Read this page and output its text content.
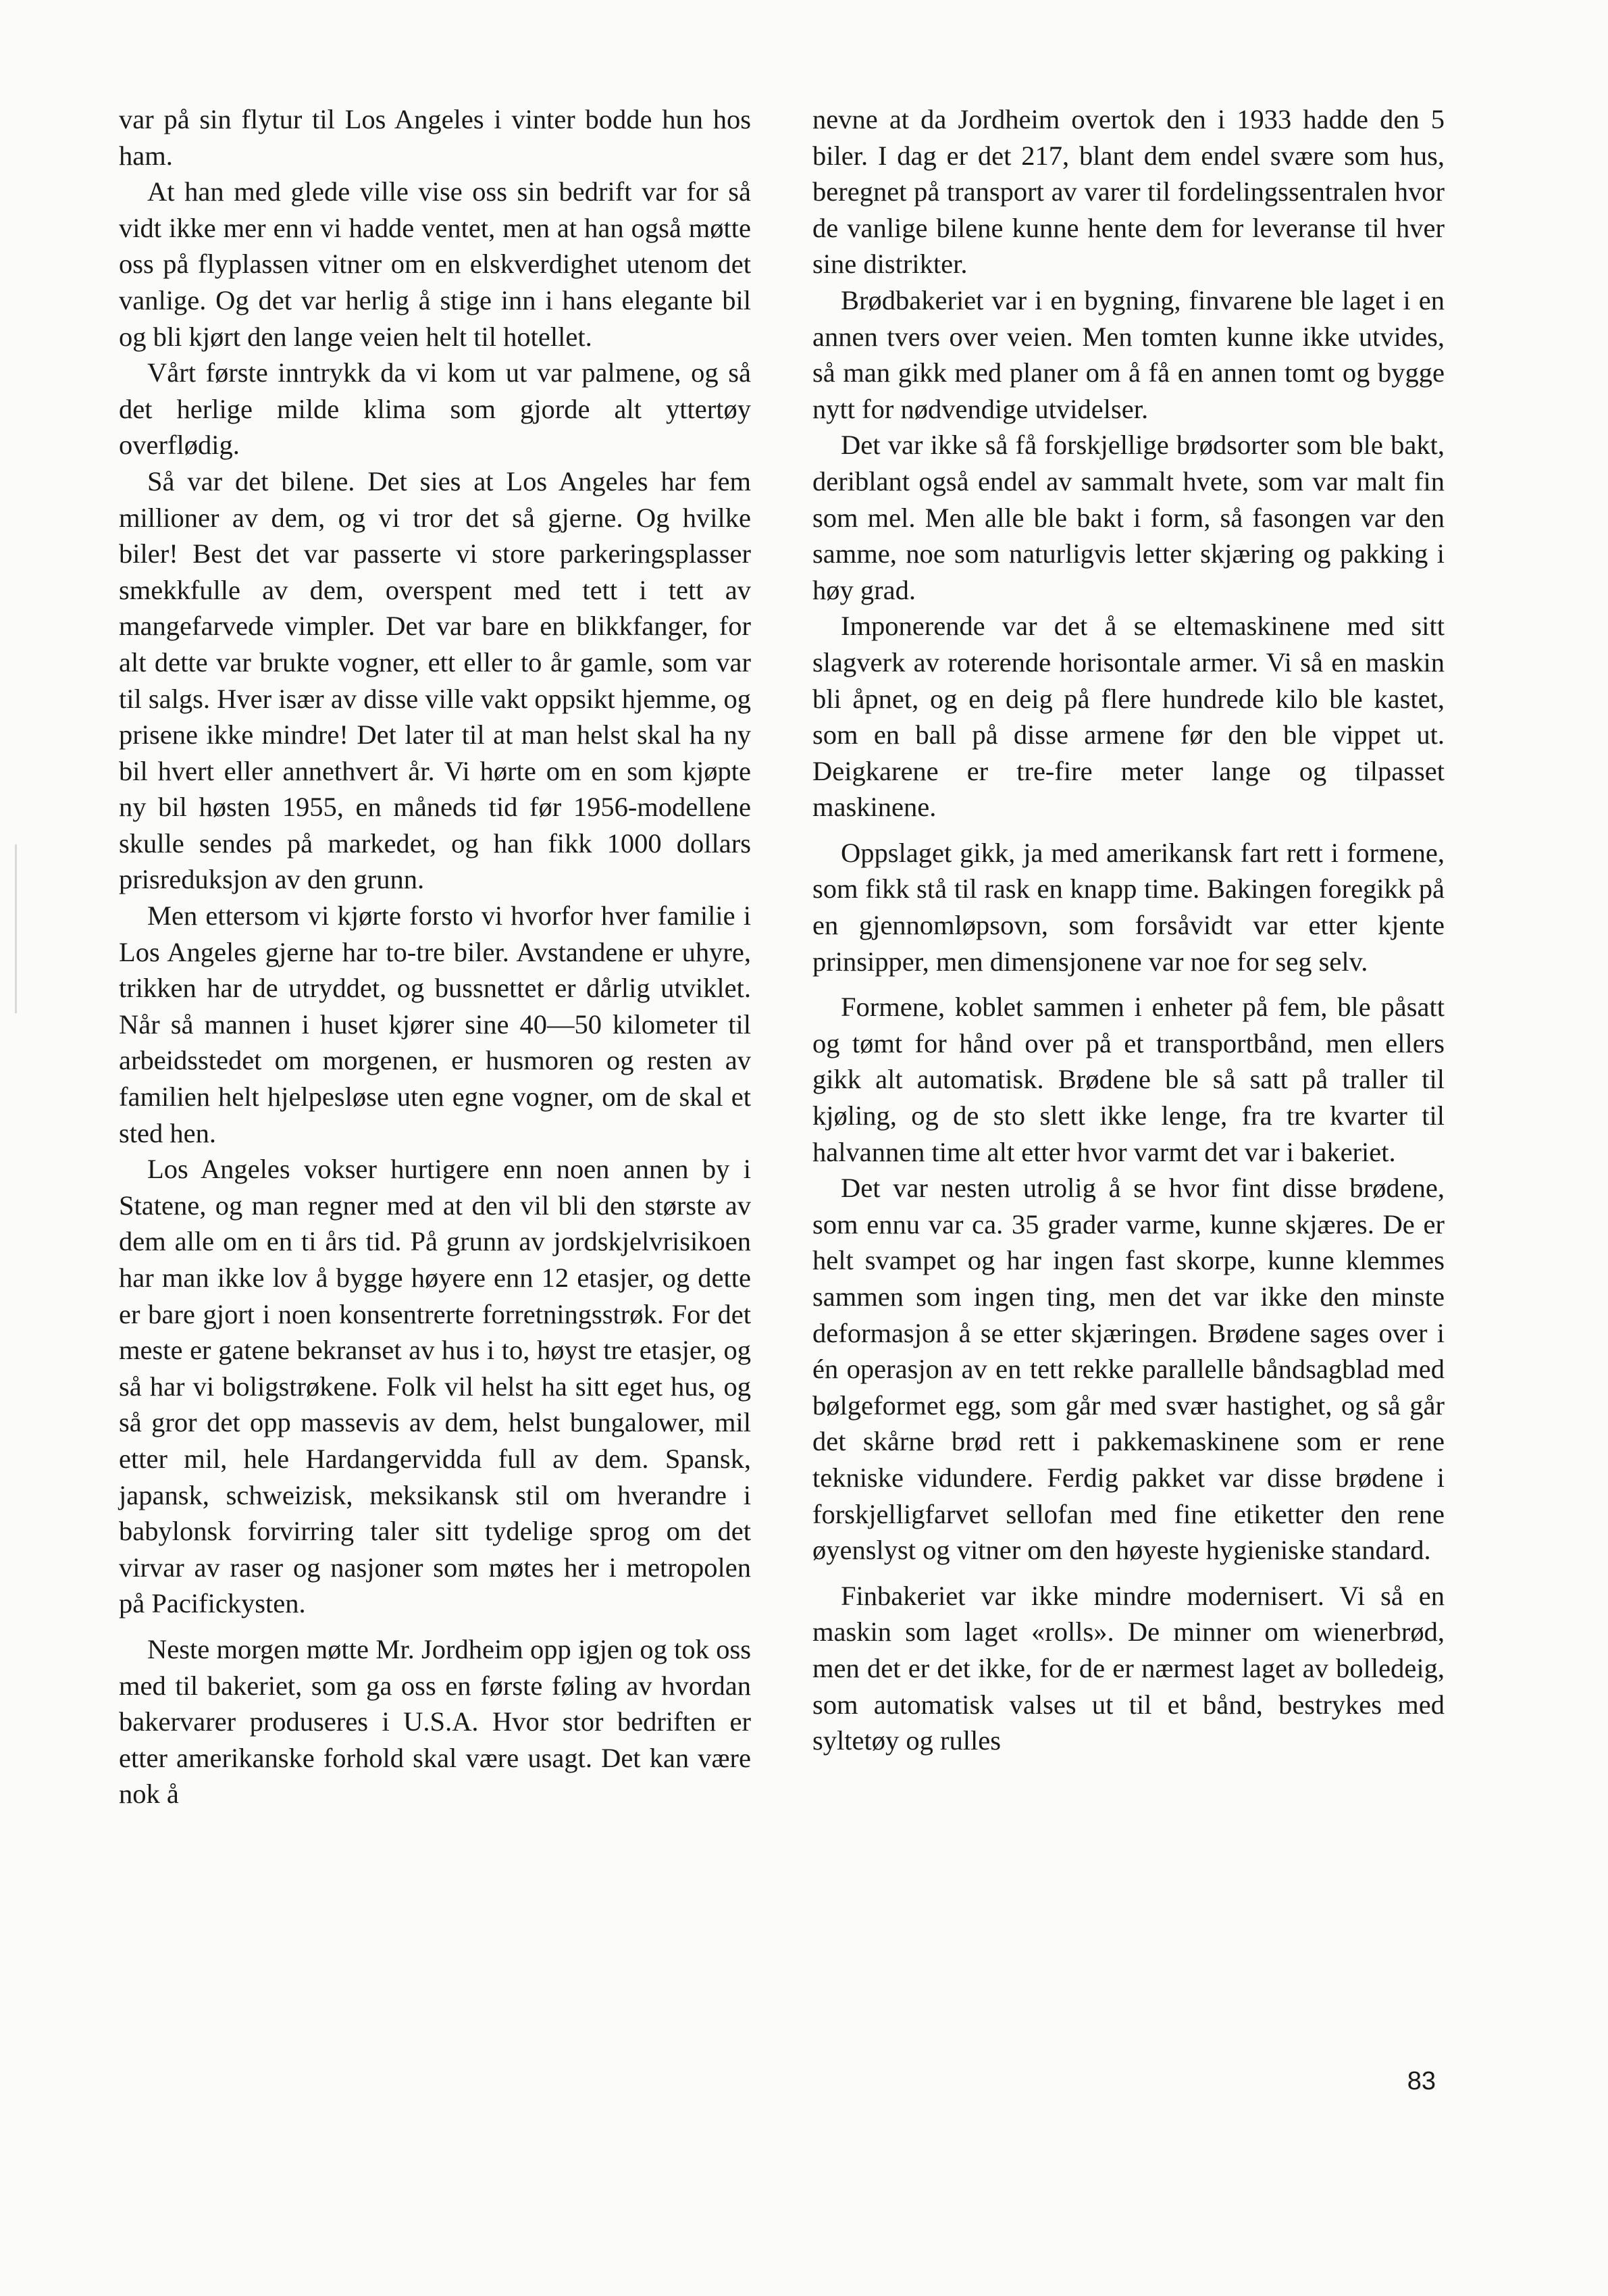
var på sin flytur til Los Angeles i vinter bodde hun hos ham.

At han med glede ville vise oss sin bedrift var for så vidt ikke mer enn vi hadde ventet, men at han også møtte oss på flyplassen vitner om en elskverdighet utenom det vanlige. Og det var herlig å stige inn i hans elegante bil og bli kjørt den lange veien helt til hotellet.

Vårt første inntrykk da vi kom ut var palmene, og så det herlige milde klima som gjorde alt yttertøy overflødig.

Så var det bilene. Det sies at Los Angeles har fem millioner av dem, og vi tror det så gjerne. Og hvilke biler! Best det var passerte vi store parkeringsplasser smekkfulle av dem, overspent med tett i tett av mangefarvede vimpler. Det var bare en blikkfanger, for alt dette var brukte vogner, ett eller to år gamle, som var til salgs. Hver især av disse ville vakt oppsikt hjemme, og prisene ikke mindre! Det later til at man helst skal ha ny bil hvert eller annethvert år. Vi hørte om en som kjøpte ny bil høsten 1955, en måneds tid før 1956-modellene skulle sendes på markedet, og han fikk 1000 dollars prisreduksjon av den grunn.

Men ettersom vi kjørte forsto vi hvorfor hver familie i Los Angeles gjerne har to-tre biler. Avstandene er uhyre, trikken har de utryddet, og bussnettet er dårlig utviklet. Når så mannen i huset kjører sine 40—50 kilometer til arbeidsstedet om morgenen, er husmoren og resten av familien helt hjelpesløse uten egne vogner, om de skal et sted hen.

Los Angeles vokser hurtigere enn noen annen by i Statene, og man regner med at den vil bli den største av dem alle om en ti års tid. På grunn av jordskjelvrisikoen har man ikke lov å bygge høyere enn 12 etasjer, og dette er bare gjort i noen konsentrerte forretningsstrøk. For det meste er gatene bekranset av hus i to, høyst tre etasjer, og så har vi boligstrøkene. Folk vil helst ha sitt eget hus, og så gror det opp massevis av dem, helst bungalower, mil etter mil, hele Hardangervidda full av dem. Spansk, japansk, schweizisk, meksikansk stil om hverandre i babylonsk forvirring taler sitt tydelige sprog om det virvar av raser og nasjoner som møtes her i metropolen på Pacifickysten.

Neste morgen møtte Mr. Jordheim opp igjen og tok oss med til bakeriet, som ga oss en første føling av hvordan bakervarer produseres i U.S.A. Hvor stor bedriften er etter amerikanske forhold skal være usagt. Det kan være nok å

nevne at da Jordheim overtok den i 1933 hadde den 5 biler. I dag er det 217, blant dem endel svære som hus, beregnet på transport av varer til fordelingssentralen hvor de vanlige bilene kunne hente dem for leveranse til hver sine distrikter.

Brødbakeriet var i en bygning, finvarene ble laget i en annen tvers over veien. Men tomten kunne ikke utvides, så man gikk med planer om å få en annen tomt og bygge nytt for nødvendige utvidelser.

Det var ikke så få forskjellige brødsorter som ble bakt, deriblant også endel av sammalt hvete, som var malt fin som mel. Men alle ble bakt i form, så fasongen var den samme, noe som naturligvis letter skjæring og pakking i høy grad.

Imponerende var det å se eltemaskinene med sitt slagverk av roterende horisontale armer. Vi så en maskin bli åpnet, og en deig på flere hundrede kilo ble kastet, som en ball på disse armene før den ble vippet ut. Deigkarene er tre-fire meter lange og tilpasset maskinene.

Oppslaget gikk, ja med amerikansk fart rett i formene, som fikk stå til rask en knapp time. Bakingen foregikk på en gjennomløpsovn, som forsåvidt var etter kjente prinsipper, men dimensjonene var noe for seg selv.

Formene, koblet sammen i enheter på fem, ble påsatt og tømt for hånd over på et transportbånd, men ellers gikk alt automatisk. Brødene ble så satt på traller til kjøling, og de sto slett ikke lenge, fra tre kvarter til halvannen time alt etter hvor varmt det var i bakeriet.

Det var nesten utrolig å se hvor fint disse brødene, som ennu var ca. 35 grader varme, kunne skjæres. De er helt svampet og har ingen fast skorpe, kunne klemmes sammen som ingen ting, men det var ikke den minste deformasjon å se etter skjæringen. Brødene sages over i én operasjon av en tett rekke parallelle båndsagblad med bølgeformet egg, som går med svær hastighet, og så går det skårne brød rett i pakkemaskinene som er rene tekniske vidundere. Ferdig pakket var disse brødene i forskjelligfarvet sellofan med fine etiketter den rene øyenslyst og vitner om den høyeste hygieniske standard.

Finbakeriet var ikke mindre modernisert. Vi så en maskin som laget «rolls». De minner om wienerbrød, men det er det ikke, for de er nærmest laget av bolledeig, som automatisk valses ut til et bånd, bestrykes med syltetøy og rulles

83
